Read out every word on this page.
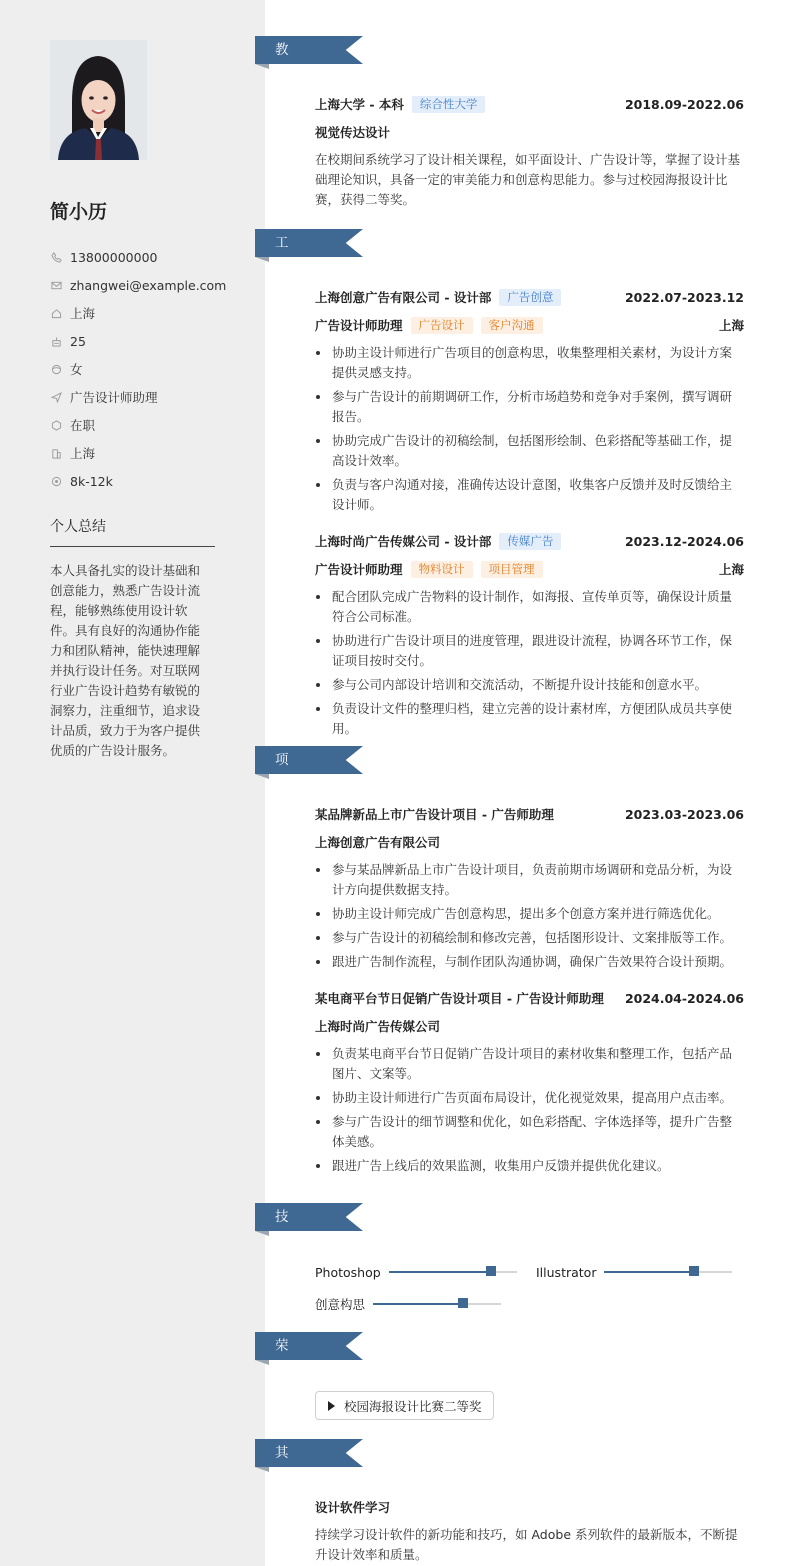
简小历
13800000000
zhangwei@example.com
上海
25
女
广告设计师助理
在职
上海
8k-12k
个人总结
本人具备扎实的设计基础和创意能力，熟悉广告设计流程，能够熟练使用设计软件。具有良好的沟通协作能力和团队精神，能快速理解并执行设计任务。对互联网行业广告设计趋势有敏锐的洞察力，注重细节，追求设计品质，致力于为客户提供优质的广告设计服务。
教育经历
上海大学 - 本科	综合性大学	2018.09-2022.06
视觉传达设计
在校期间系统学习了设计相关课程，如平面设计、广告设计等，掌握了设计基础理论知识，具备一定的审美能力和创意构思能力。参与过校园海报设计比赛，获得二等奖。
工作经历
上海创意广告有限公司 - 设计部	广告创意	2022.07-2023.12
广告设计师助理	广告设计	客户沟通	上海
协助主设计师进行广告项目的创意构思，收集整理相关素材，为设计方案提供灵感支持。
参与广告设计的前期调研工作，分析市场趋势和竞争对手案例，撰写调研报告。
协助完成广告设计的初稿绘制，包括图形绘制、色彩搭配等基础工作，提高设计效率。
负责与客户沟通对接，准确传达设计意图，收集客户反馈并及时反馈给主设计师。
上海时尚广告传媒公司 - 设计部	传媒广告	2023.12-2024.06
广告设计师助理	物料设计	项目管理	上海
配合团队完成广告物料的设计制作，如海报、宣传单页等，确保设计质量符合公司标准。
协助进行广告设计项目的进度管理，跟进设计流程，协调各环节工作，保证项目按时交付。
参与公司内部设计培训和交流活动，不断提升设计技能和创意水平。
负责设计文件的整理归档，建立完善的设计素材库，方便团队成员共享使用。
项目经历
某品牌新品上市广告设计项目 - 广告师助理	2023.03-2023.06
上海创意广告有限公司
参与某品牌新品上市广告设计项目，负责前期市场调研和竞品分析，为设计方向提供数据支持。
协助主设计师完成广告创意构思，提出多个创意方案并进行筛选优化。
参与广告设计的初稿绘制和修改完善，包括图形设计、文案排版等工作。
跟进广告制作流程，与制作团队沟通协调，确保广告效果符合设计预期。
某电商平台节日促销广告设计项目 - 广告设计师助理 2024.04-2024.06
上海时尚广告传媒公司
负责某电商平台节日促销广告设计项目的素材收集和整理工作，包括产品图片、文案等。
协助主设计师进行广告页面布局设计，优化视觉效果，提高用户点击率。
参与广告设计的细节调整和优化，如色彩搭配、字体选择等，提升广告整体美感。
跟进广告上线后的效果监测，收集用户反馈并提供优化建议。
技能专长
Photoshop	Illustrator
创意构思
荣誉奖项
校园海报设计比赛二等奖
其他信息
设计软件学习
持续学习设计软件的新功能和技巧，如 Adobe 系列软件的最新版本，不断提升设计效率和质量。
